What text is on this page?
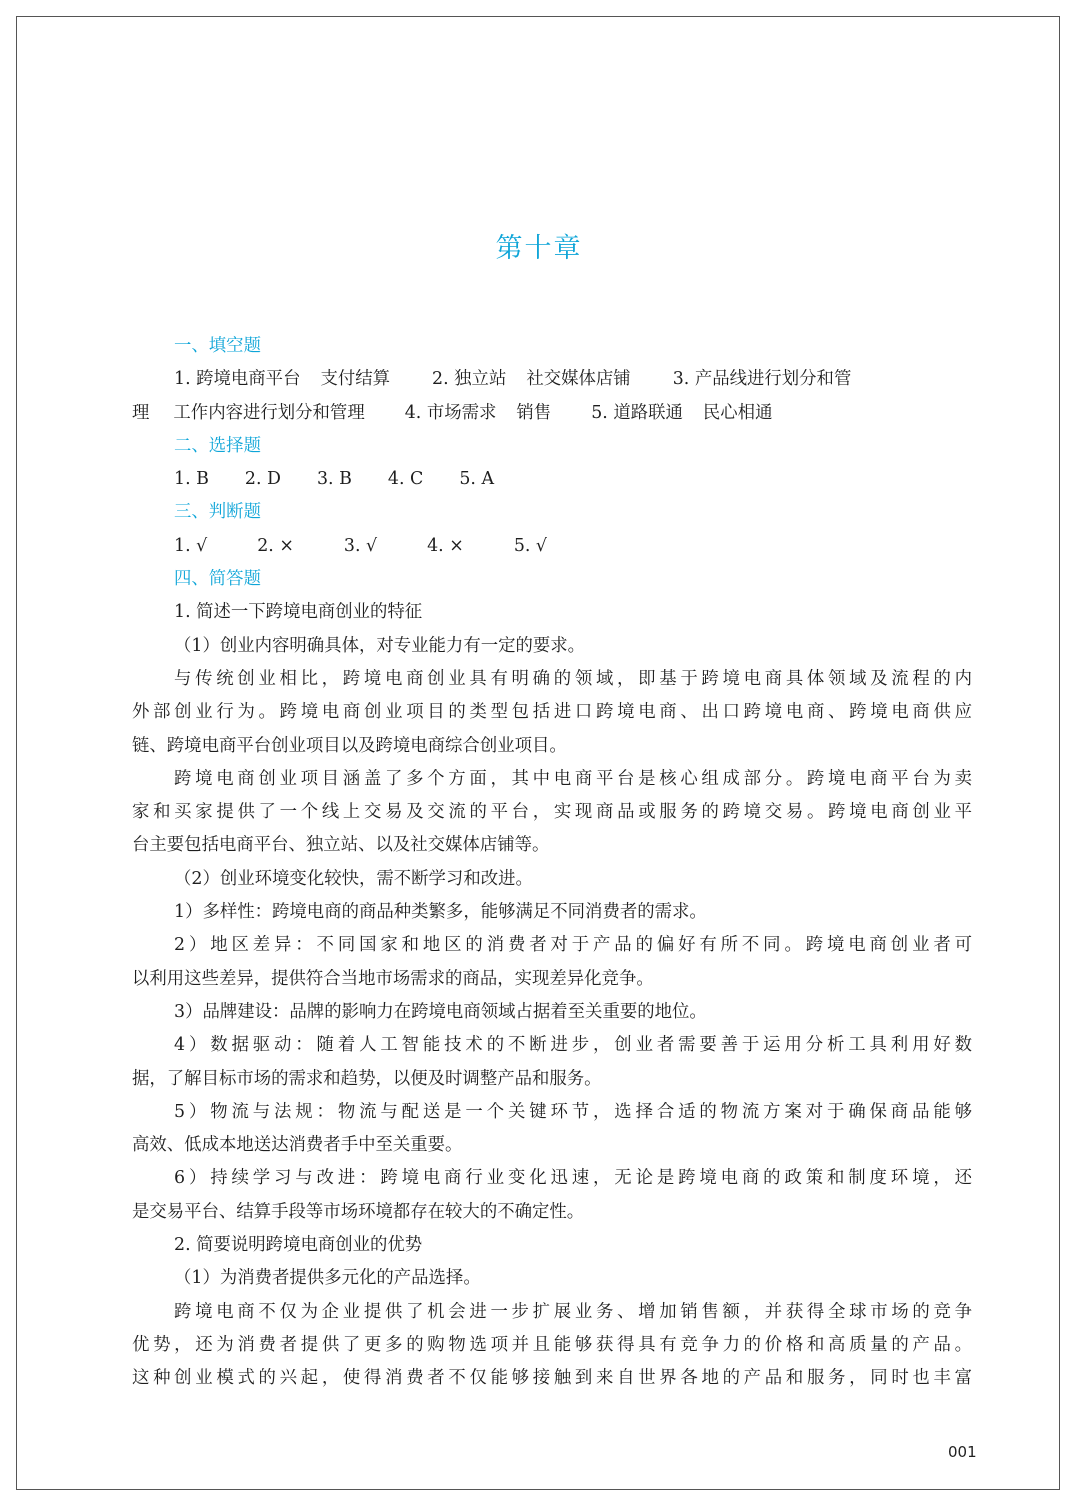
第十章
一、填空题
1. 跨境电商平台 支付结算 2. 独立站 社交媒体店铺 3. 产品线进行划分和管
理 工作内容进行划分和管理 4. 市场需求 销售 5. 道路联通 民心相通
二、选择题
1. B 2. D 3. B 4. C 5. A
三、判断题
1. √	2. ×	3. √	4. ×	5. √
四、简答题
1. 简述一下跨境电商创业的特征
（1）创业内容明确具体，对专业能力有一定的要求。
与传统创业相比，跨境电商创业具有明确的领域，即基于跨境电商具体领域及流程的内
外部创业行为。跨境电商创业项目的类型包括进口跨境电商、出口跨境电商、跨境电商供应
链、跨境电商平台创业项目以及跨境电商综合创业项目。
跨境电商创业项目涵盖了多个方面，其中电商平台是核心组成部分。跨境电商平台为卖
家和买家提供了一个线上交易及交流的平台，实现商品或服务的跨境交易。跨境电商创业平
台主要包括电商平台、独立站、以及社交媒体店铺等。
（2）创业环境变化较快，需不断学习和改进。
1）多样性：跨境电商的商品种类繁多，能够满足不同消费者的需求。
2）地区差异：不同国家和地区的消费者对于产品的偏好有所不同。跨境电商创业者可
以利用这些差异，提供符合当地市场需求的商品，实现差异化竞争。
3）品牌建设：品牌的影响力在跨境电商领域占据着至关重要的地位。
4）数据驱动：随着人工智能技术的不断进步，创业者需要善于运用分析工具利用好数
据，了解目标市场的需求和趋势，以便及时调整产品和服务。
5）物流与法规：物流与配送是一个关键环节，选择合适的物流方案对于确保商品能够
高效、低成本地送达消费者手中至关重要。
6）持续学习与改进：跨境电商行业变化迅速，无论是跨境电商的政策和制度环境，还
是交易平台、结算手段等市场环境都存在较大的不确定性。
2. 简要说明跨境电商创业的优势
（1）为消费者提供多元化的产品选择。
跨境电商不仅为企业提供了机会进一步扩展业务、增加销售额，并获得全球市场的竞争
优势，还为消费者提供了更多的购物选项并且能够获得具有竞争力的价格和高质量的产品。
这种创业模式的兴起，使得消费者不仅能够接触到来自世界各地的产品和服务，同时也丰富
001
